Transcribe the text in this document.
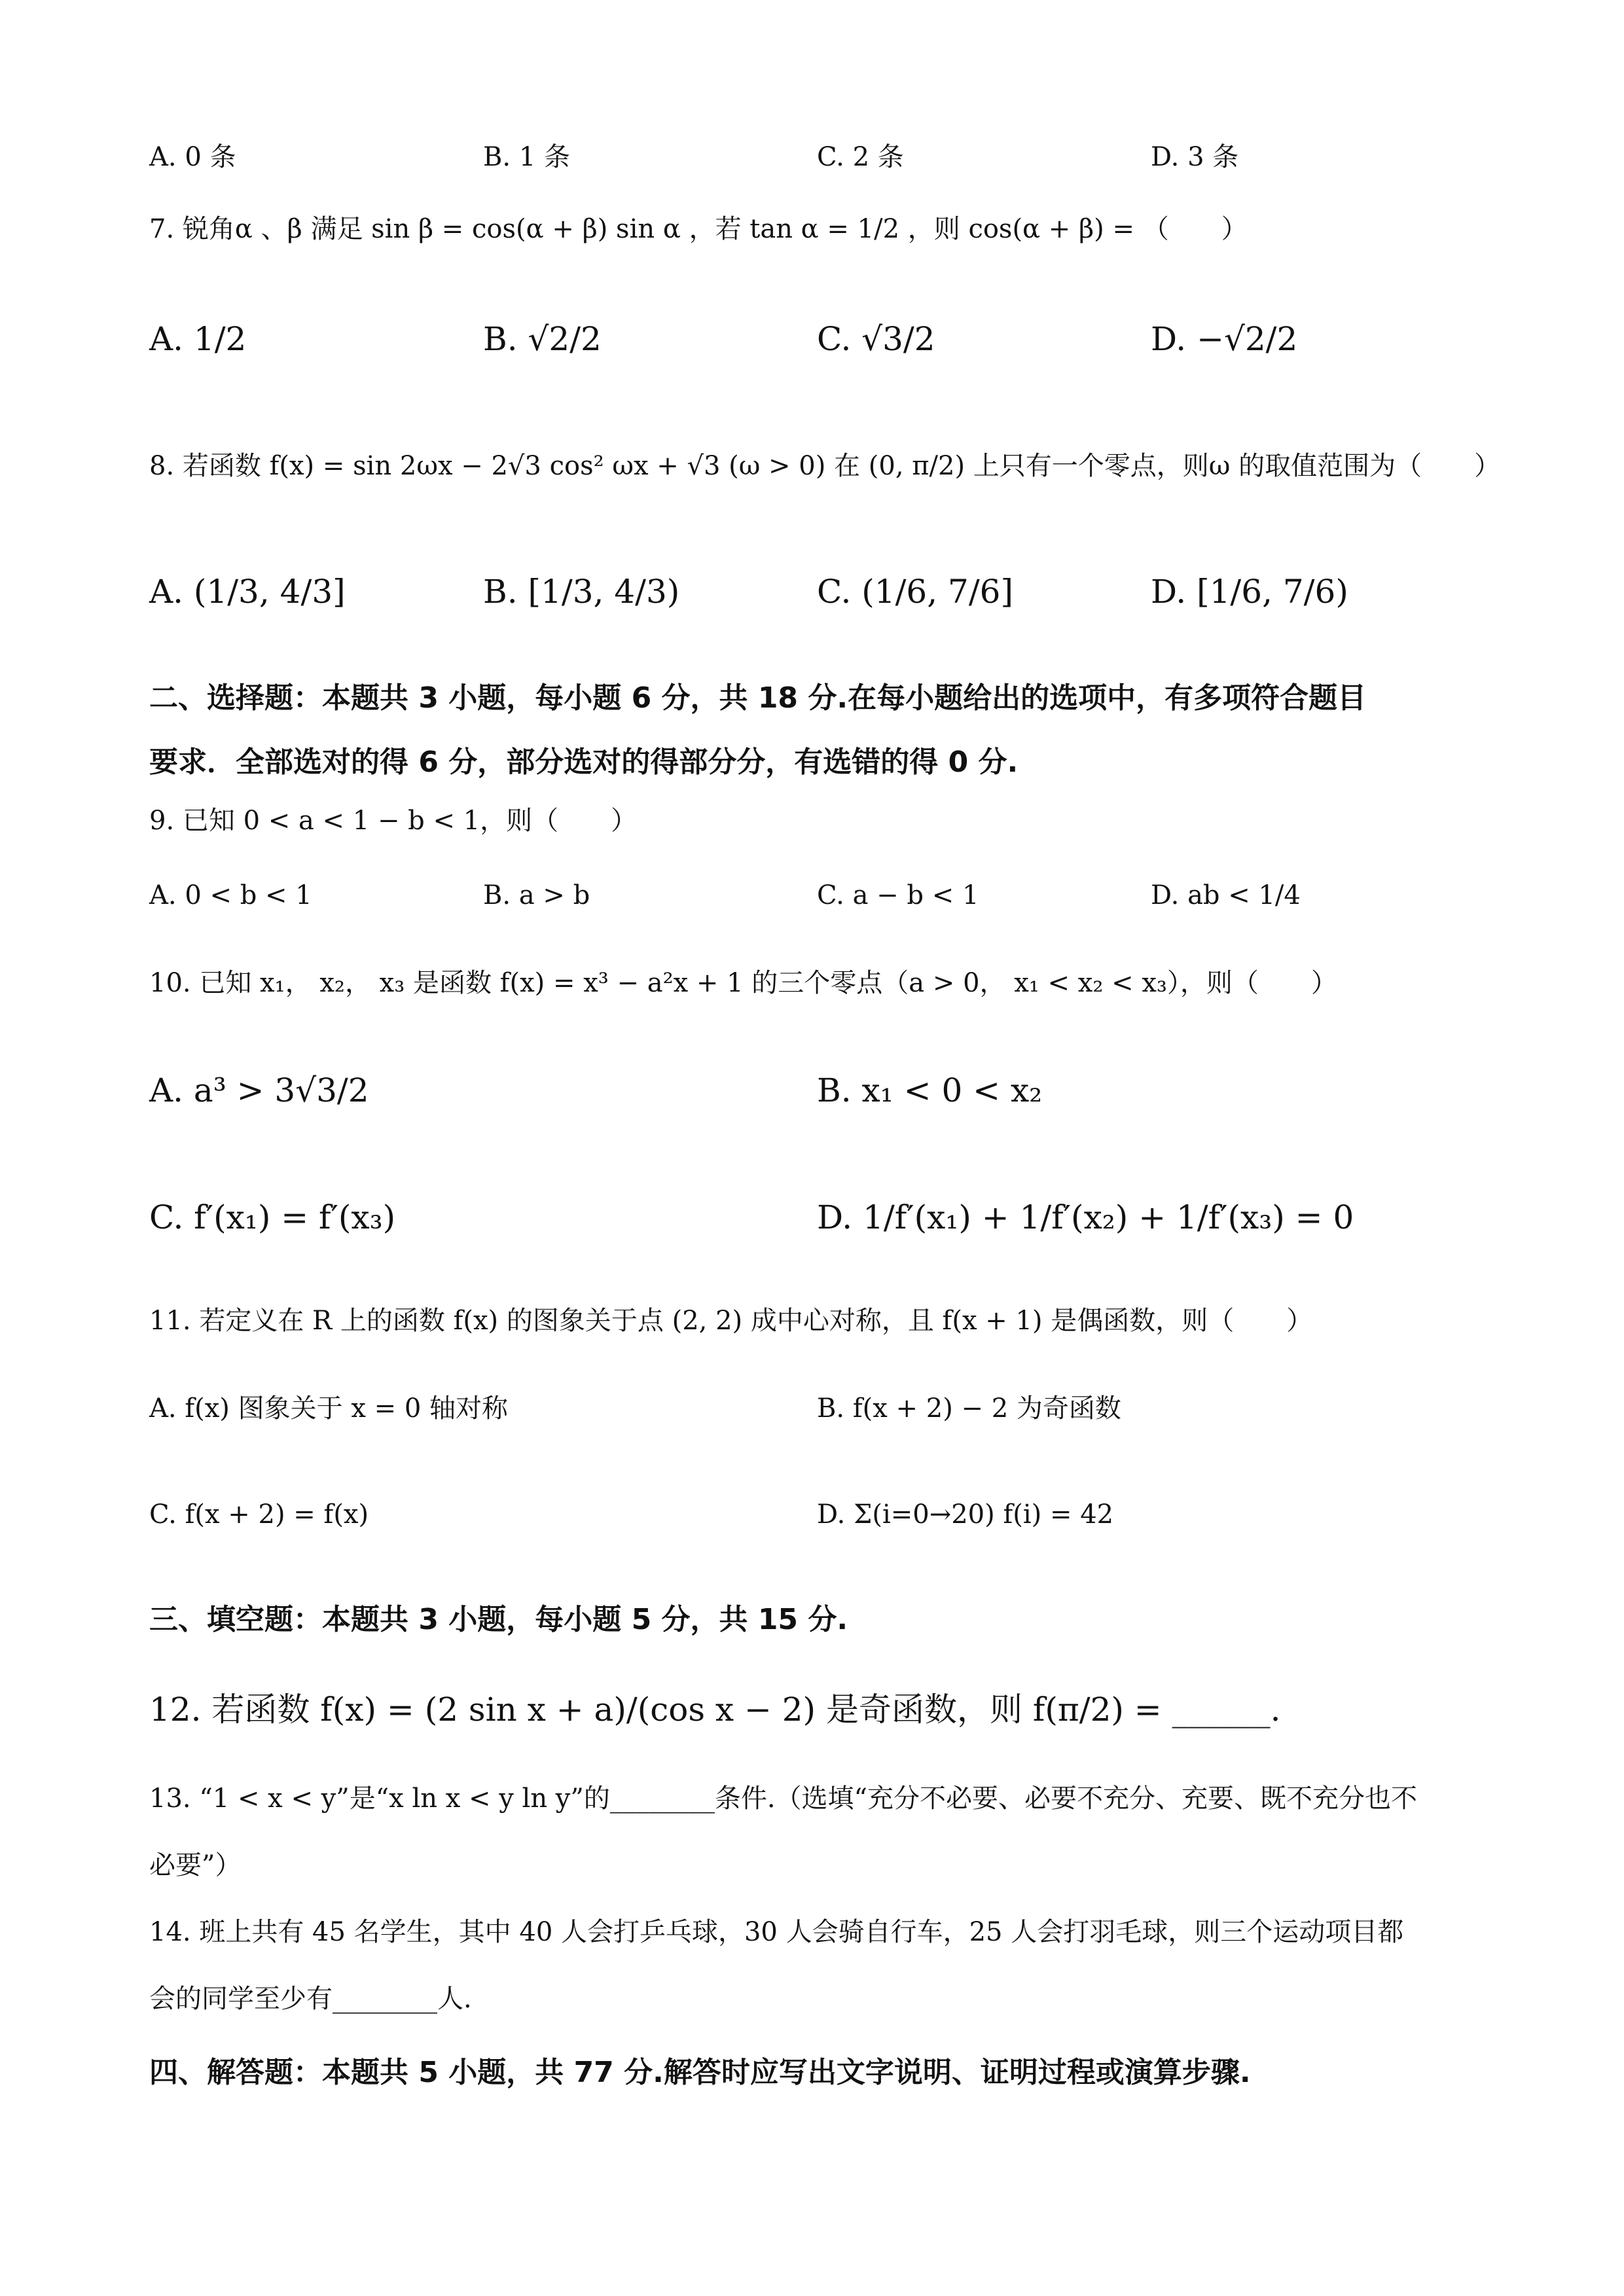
A. 0 条	B. 1 条	C. 2 条	D. 3 条
7. 锐角α 、β 满足 sin β = cos(α + β) sin α ，若 tan α = 1/2 ，则 cos(α + β) = （　　）
A. 1/2	B. √2/2	C. √3/2	D. −√2/2
8. 若函数 f(x) = sin 2ωx − 2√3 cos² ωx + √3 (ω > 0) 在 (0, π/2) 上只有一个零点，则ω 的取值范围为（　　）
A. (1/3, 4/3]	B. [1/3, 4/3)	C. (1/6, 7/6]	D. [1/6, 7/6)
二、选择题：本题共 3 小题，每小题 6 分，共 18 分.在每小题给出的选项中，有多项符合题目
要求．全部选对的得 6 分，部分选对的得部分分，有选错的得 0 分.
9. 已知 0 < a < 1 − b < 1，则（　　）
A. 0 < b < 1	B. a > b	C. a − b < 1	D. ab < 1/4
10. 已知 x₁， x₂， x₃ 是函数 f(x) = x³ − a²x + 1 的三个零点（a > 0， x₁ < x₂ < x₃），则（　　）
A. a³ > 3√3/2	B. x₁ < 0 < x₂
C. f′(x₁) = f′(x₃)	D. 1/f′(x₁) + 1/f′(x₂) + 1/f′(x₃) = 0
11. 若定义在 R 上的函数 f(x) 的图象关于点 (2, 2) 成中心对称，且 f(x + 1) 是偶函数，则（　　）
A. f(x) 图象关于 x = 0 轴对称	B. f(x + 2) − 2 为奇函数
C. f(x + 2) = f(x)	D. Σ(i=0→20) f(i) = 42
三、填空题：本题共 3 小题，每小题 5 分，共 15 分.
12. 若函数 f(x) = (2 sin x + a)/(cos x − 2) 是奇函数，则 f(π/2) = ______.
13. “1 < x < y”是“x ln x < y ln y”的________条件.（选填“充分不必要、必要不充分、充要、既不充分也不
必要”）
14. 班上共有 45 名学生，其中 40 人会打乒乓球，30 人会骑自行车，25 人会打羽毛球，则三个运动项目都
会的同学至少有________人.
四、解答题：本题共 5 小题，共 77 分.解答时应写出文字说明、证明过程或演算步骤.
